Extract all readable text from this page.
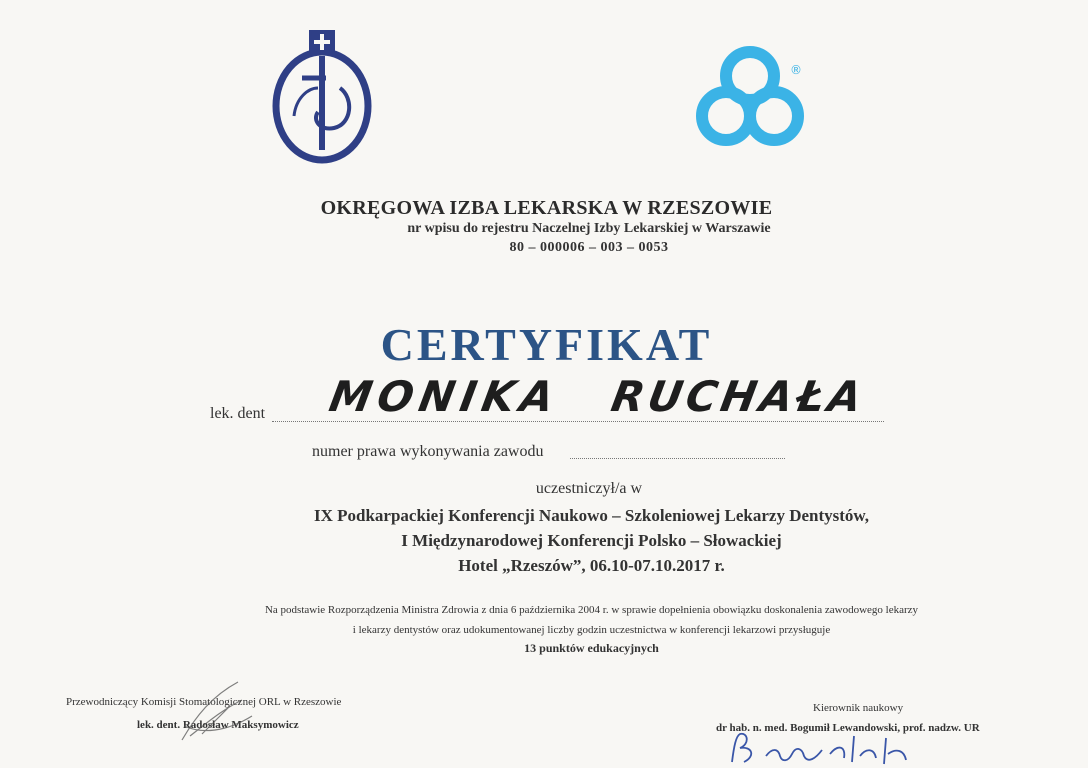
®
OKRĘGOWA IZBA LEKARSKA W RZESZOWIE
nr wpisu do rejestru Naczelnej Izby Lekarskiej w Warszawie
80 – 000006 – 003 – 0053
CERTYFIKAT
lek. dent MONIKA RUCHAŁA
numer prawa wykonywania zawodu
uczestniczył/a w
IX Podkarpackiej Konferencji Naukowo – Szkoleniowej Lekarzy Dentystów,
I Międzynarodowej Konferencji Polsko – Słowackiej
Hotel „Rzeszów”, 06.10-07.10.2017 r.
Na podstawie Rozporządzenia Ministra Zdrowia z dnia 6 października 2004 r. w sprawie dopełnienia obowiązku doskonalenia zawodowego lekarzy
i lekarzy dentystów oraz udokumentowanej liczby godzin uczestnictwa w konferencji lekarzowi przysługuje
13 punktów edukacyjnych
Przewodniczący Komisji Stomatologicznej ORL w Rzeszowie
lek. dent. Radosław Maksymowicz
Kierownik naukowy
dr hab. n. med. Bogumił Lewandowski, prof. nadzw. UR
